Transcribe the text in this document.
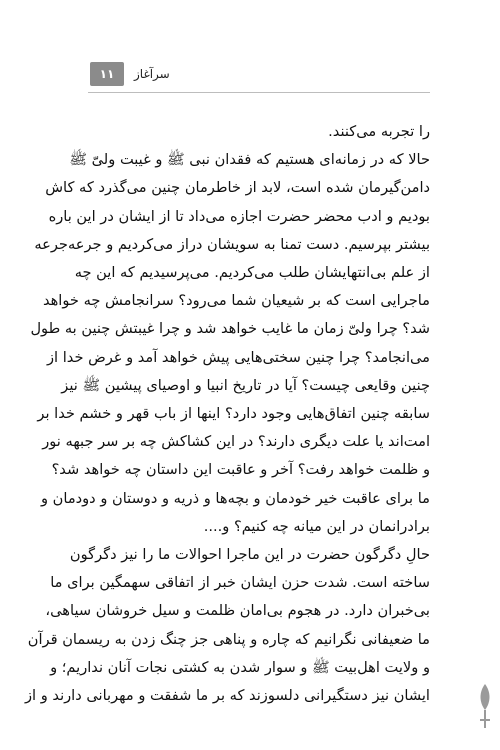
۱۱	سرآغاز
را تجربه می‌کنند.
حالا که در زمانه‌ای هستیم که فقدان نبی ﷺ و غیبت ولیّ ﷺ
دامن‌گیرمان شده است، لابد از خاطرمان چنین می‌گذرد که کاش
بودیم و ادب محضر حضرت اجازه می‌داد تا از ایشان در این باره
بیشتر بپرسیم. دست تمنا به سویشان دراز می‌کردیم و جرعه‌جرعه
از علم بی‌انتهایشان طلب می‌کردیم. می‌پرسیدیم که این چه
ماجرایی است که بر شیعیان شما می‌رود؟ سرانجامش چه خواهد
شد؟ چرا ولیّ زمان ما غایب خواهد شد و چرا غیبتش چنین به طول
می‌انجامد؟ چرا چنین سختی‌هایی پیش خواهد آمد و غرض خدا از
چنین وقایعی چیست؟ آیا در تاریخ انبیا و اوصیای پیشین ﷺ نیز
سابقه چنین اتفاق‌هایی وجود دارد؟ اینها از باب قهر و خشم خدا بر
امت‌اند یا علت دیگری دارند؟ در این کشاکش چه بر سر جبهه نور
و ظلمت خواهد رفت؟ آخر و عاقبت این داستان چه خواهد شد؟
ما برای عاقبت خیر خودمان و بچه‌ها و ذریه و دوستان و دودمان و
برادرانمان در این میانه چه کنیم؟ و....
حالِ دگرگون حضرت در این ماجرا احوالات ما را نیز دگرگون
ساخته است. شدت حزن ایشان خبر از اتفاقی سهمگین برای ما
بی‌خبران دارد. در هجوم بی‌امان ظلمت و سیل خروشان سیاهی،
ما ضعیفانی نگرانیم که چاره و پناهی جز چنگ زدن به ریسمان قرآن
و ولایت اهل‌بیت ﷺ و سوار شدن به کشتی نجات آنان نداریم؛ و
ایشان نیز دستگیرانی دلسوزند که بر ما شفقت و مهربانی دارند و از
